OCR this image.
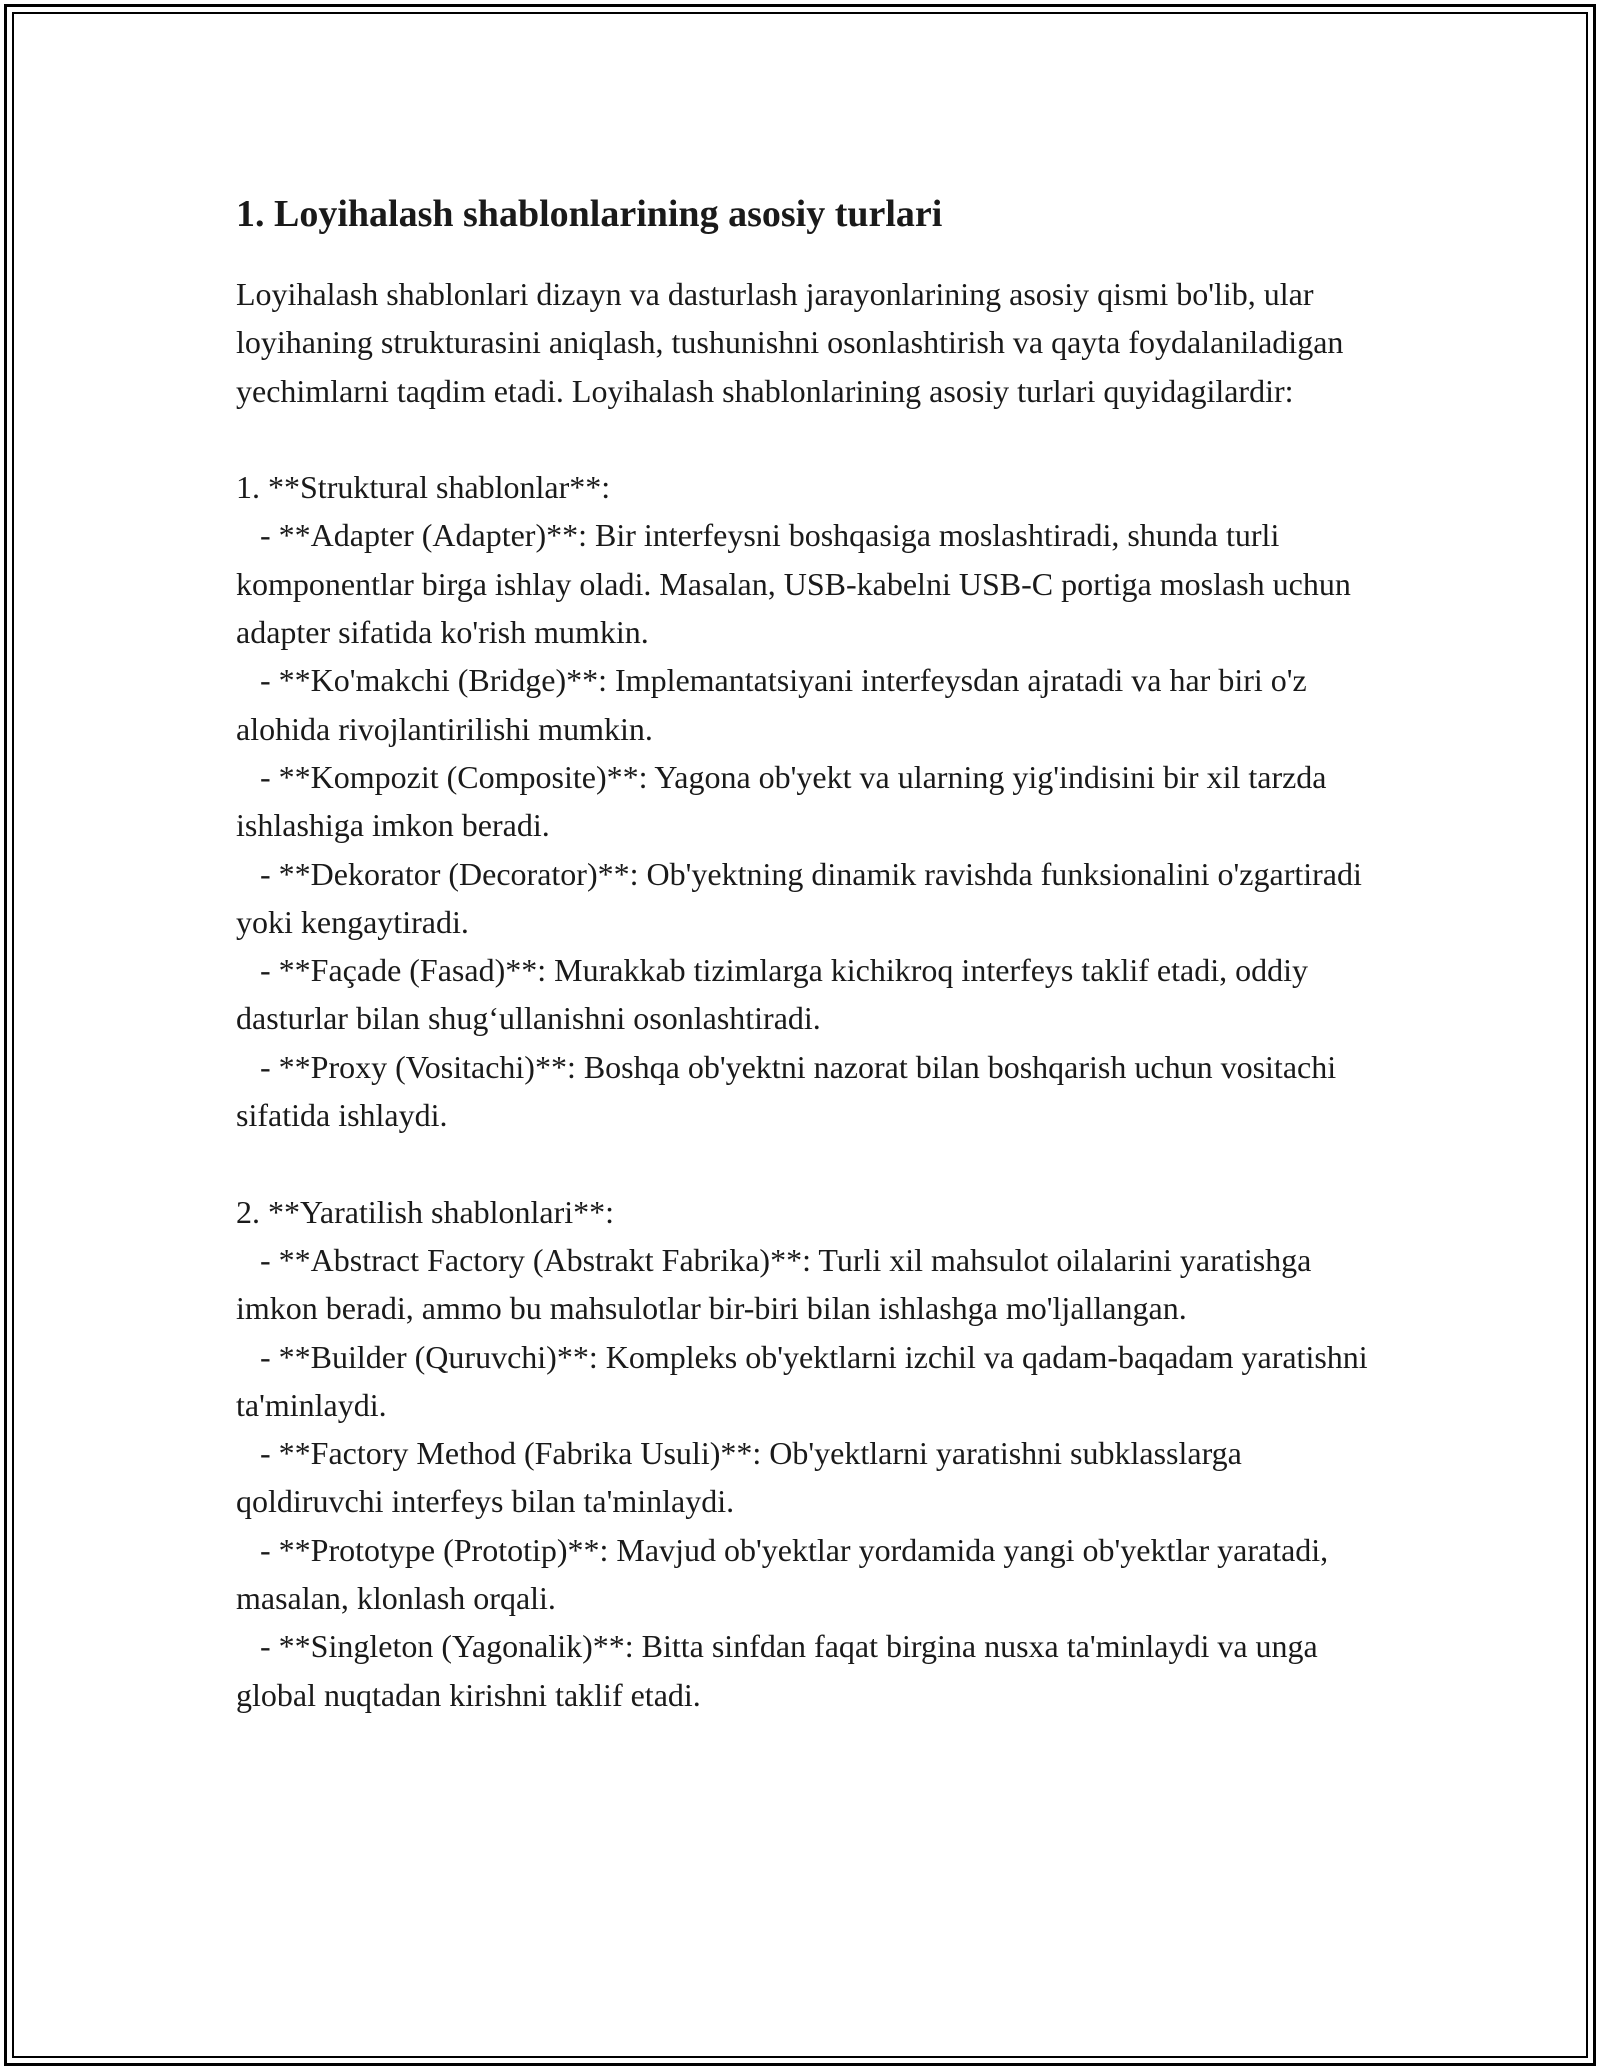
1. Loyihalash shablonlarining asosiy turlari

Loyihalash shablonlari dizayn va dasturlash jarayonlarining asosiy qismi bo'lib, ular loyihaning strukturasini aniqlash, tushunishni osonlashtirish va qayta foydalaniladigan yechimlarni taqdim etadi. Loyihalash shablonlarining asosiy turlari quyidagilardir:

1. **Struktural shablonlar**:

- **Adapter (Adapter)**: Bir interfeysni boshqasiga moslashtiradi, shunda turli komponentlar birga ishlay oladi. Masalan, USB-kabelni USB-C portiga moslash uchun adapter sifatida ko'rish mumkin.

- **Ko'makchi (Bridge)**: Implemantatsiyani interfeysdan ajratadi va har biri o'z alohida rivojlantirilishi mumkin.

- **Kompozit (Composite)**: Yagona ob'yekt va ularning yig'indisini bir xil tarzda ishlashiga imkon beradi.

- **Dekorator (Decorator)**: Ob'yektning dinamik ravishda funksionalini o'zgartiradi yoki kengaytiradi.

- **Façade (Fasad)**: Murakkab tizimlarga kichikroq interfeys taklif etadi, oddiy dasturlar bilan shug‘ullanishni osonlashtiradi.

- **Proxy (Vositachi)**: Boshqa ob'yektni nazorat bilan boshqarish uchun vositachi sifatida ishlaydi.

2. **Yaratilish shablonlari**:

- **Abstract Factory (Abstrakt Fabrika)**: Turli xil mahsulot oilalarini yaratishga imkon beradi, ammo bu mahsulotlar bir-biri bilan ishlashga mo'ljallangan.

- **Builder (Quruvchi)**: Kompleks ob'yektlarni izchil va qadam-baqadam yaratishni ta'minlaydi.

- **Factory Method (Fabrika Usuli)**: Ob'yektlarni yaratishni subklasslarga qoldiruvchi interfeys bilan ta'minlaydi.

- **Prototype (Prototip)**: Mavjud ob'yektlar yordamida yangi ob'yektlar yaratadi, masalan, klonlash orqali.

- **Singleton (Yagonalik)**: Bitta sinfdan faqat birgina nusxa ta'minlaydi va unga global nuqtadan kirishni taklif etadi.
